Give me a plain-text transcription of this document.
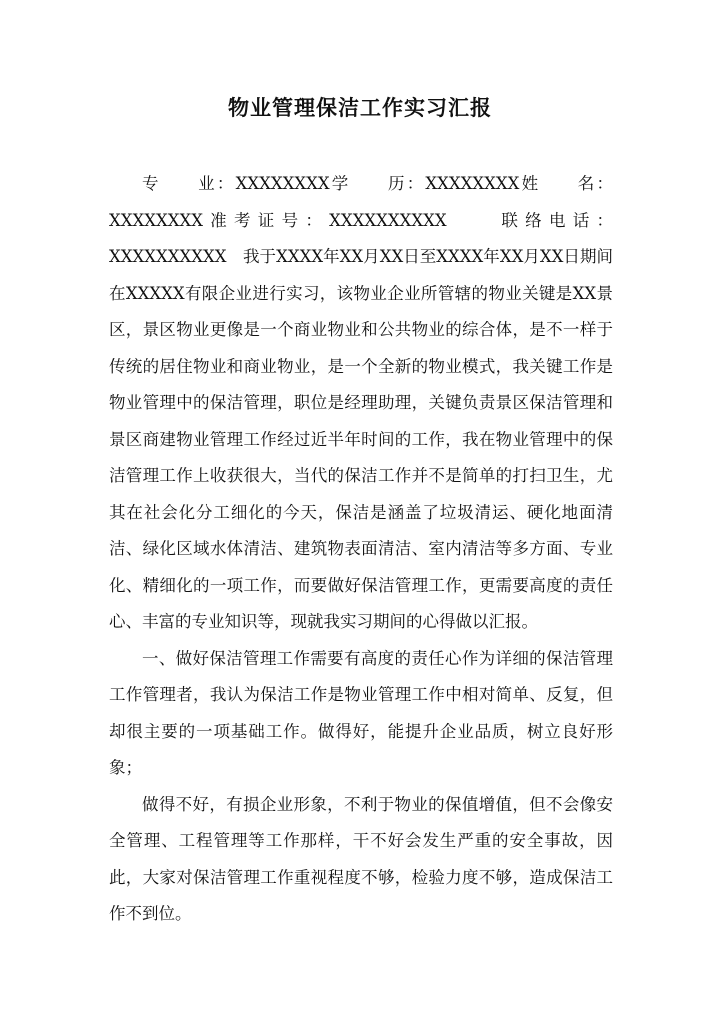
物业管理保洁工作实习汇报

专　　业：XXXXXXXX学　　历：XXXXXXXX姓　　名：XXXXXXXX准考证号：XXXXXXXXXX　　联络电话：XXXXXXXXXX　我于XXXX年XX月XX日至XXXX年XX月XX日期间在XXXXX有限企业进行实习，该物业企业所管辖的物业关键是XX景区，景区物业更像是一个商业物业和公共物业的综合体，是不一样于传统的居住物业和商业物业，是一个全新的物业模式，我关键工作是物业管理中的保洁管理，职位是经理助理，关键负责景区保洁管理和景区商建物业管理工作经过近半年时间的工作，我在物业管理中的保洁管理工作上收获很大，当代的保洁工作并不是简单的打扫卫生，尤其在社会化分工细化的今天，保洁是涵盖了垃圾清运、硬化地面清洁、绿化区域水体清洁、建筑物表面清洁、室内清洁等多方面、专业化、精细化的一项工作，而要做好保洁管理工作，更需要高度的责任心、丰富的专业知识等，现就我实习期间的心得做以汇报。

一、做好保洁管理工作需要有高度的责任心作为详细的保洁管理工作管理者，我认为保洁工作是物业管理工作中相对简单、反复，但却很主要的一项基础工作。做得好，能提升企业品质，树立良好形象；

做得不好，有损企业形象，不利于物业的保值增值，但不会像安全管理、工程管理等工作那样，干不好会发生严重的安全事故，因此，大家对保洁管理工作重视程度不够，检验力度不够，造成保洁工作不到位。
